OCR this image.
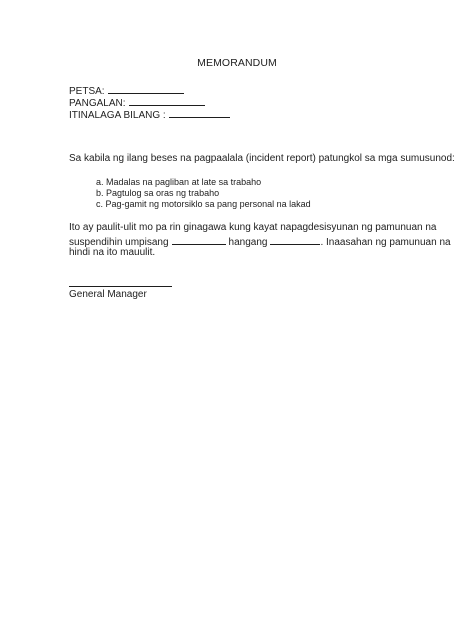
MEMORANDUM
PETSA:
PANGALAN:
ITINALAGA BILANG :
Sa kabila ng ilang beses na pagpaalala (incident report) patungkol sa mga sumusunod:
a. Madalas na pagliban at late sa trabaho
b. Pagtulog sa oras ng trabaho
c. Pag-gamit ng motorsiklo sa pang personal na lakad
Ito ay paulit-ulit mo pa rin ginagawa kung kayat napagdesisyunan ng pamunuan na
suspendihin umpisang	hangang	. Inaasahan ng pamunuan na
hindi na ito mauulit.
General Manager
